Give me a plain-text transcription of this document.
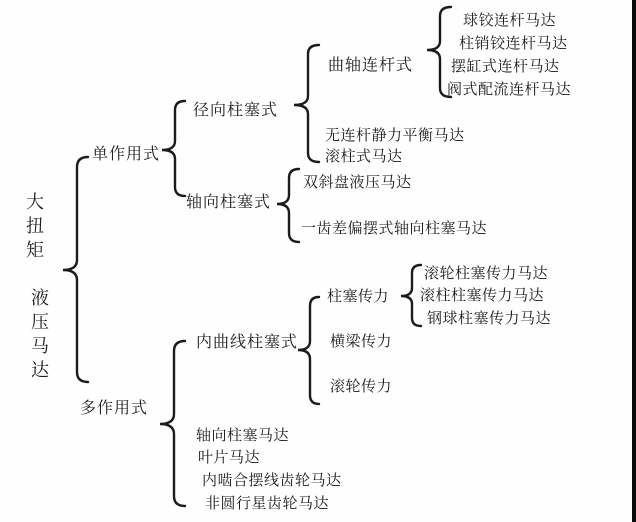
大扭矩
液压马达
单作用式
多作用式
径向柱塞式
轴向柱塞式
曲轴连杆式
无连杆静力平衡马达
滚柱式马达
球铰连杆马达
柱销铰连杆马达
摆缸式连杆马达
阀式配流连杆马达
双斜盘液压马达
一齿差偏摆式轴向柱塞马达
内曲线柱塞式
轴向柱塞马达
叶片马达
内啮合摆线齿轮马达
非圆行星齿轮马达
柱塞传力
横梁传力
滚轮传力
滚轮柱塞传力马达
滚柱柱塞传力马达
钢球柱塞传力马达
